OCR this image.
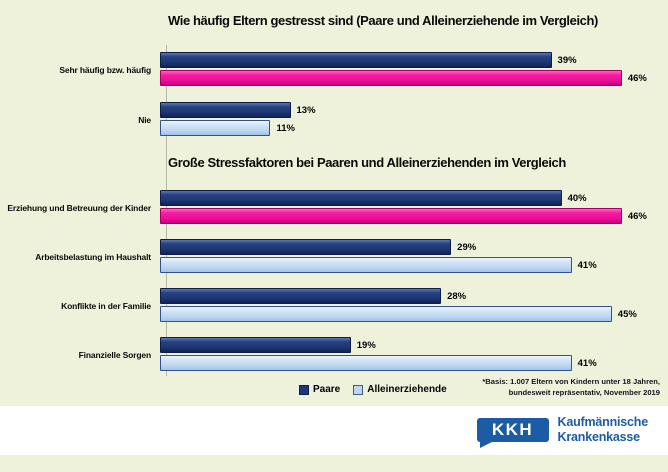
Wie häufig Eltern gestresst sind (Paare und Alleinerziehende im Vergleich)
Sehr häufig bzw. häufig
39%
46%
Nie
13%
11%
Große Stressfaktoren bei Paaren und Alleinerziehenden im Vergleich
Erziehung und Betreuung der Kinder
40%
46%
Arbeitsbelastung im Haushalt
29%
41%
Konflikte in der Familie
28%
45%
Finanzielle Sorgen
19%
41%
Paare	Alleinerziehende
*Basis: 1.007 Eltern von Kindern unter 18 Jahren,
bundesweit repräsentativ, November 2019
KKH	Kaufmännische
Krankenkasse
